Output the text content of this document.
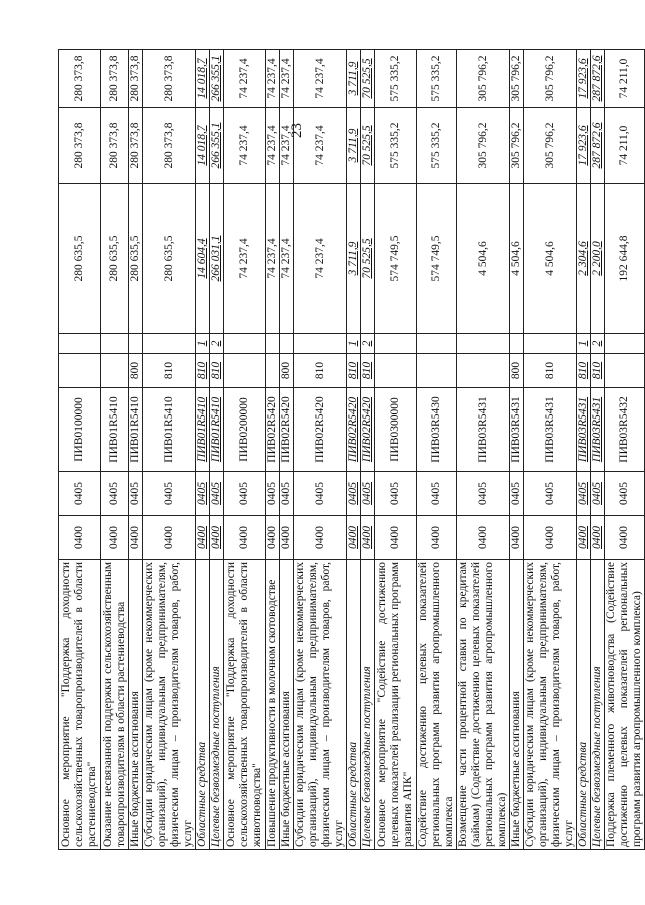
23
Основное мероприятие "Поддержка доходности сельскохозяйственных товаропроизводителей в области растениеводства"	0400	0405	ПИВ0100000			280 635,5	280 373,8	280 373,8
Оказание несвязанной поддержки сельскохозяйственным товаропроизводителям в области растениеводства	0400	0405	ПИВ01R5410			280 635,5	280 373,8	280 373,8
Иные бюджетные ассигнования	0400	0405	ПИВ01R5410	800		280 635,5	280 373,8	280 373,8
Субсидии юридическим лицам (кроме некоммерческих организаций), индивидуальным предпринимателям, физическим лицам – производителям товаров, работ, услуг	0400	0405	ПИВ01R5410	810		280 635,5	280 373,8	280 373,8
Областные средства	0400	0405	ПИВ01R5410	810	1	14 604,4	14 018,7	14 018,7
Целевые безвозмездные поступления	0400	0405	ПИВ01R5410	810	2	266 031,1	266 355,1	266 355,1
Основное мероприятие "Поддержка доходности сельскохозяйственных товаропроизводителей в области животноводства"	0400	0405	ПИВ0200000			74 237,4	74 237,4	74 237,4
Повышение продуктивности в молочном скотоводстве	0400	0405	ПИВ02R5420			74 237,4	74 237,4	74 237,4
Иные бюджетные ассигнования	0400	0405	ПИВ02R5420	800		74 237,4	74 237,4	74 237,4
Субсидии юридическим лицам (кроме некоммерческих организаций), индивидуальным предпринимателям, физическим лицам – производителям товаров, работ, услуг	0400	0405	ПИВ02R5420	810		74 237,4	74 237,4	74 237,4
Областные средства	0400	0405	ПИВ02R5420	810	1	3 711,9	3 711,9	3 711,9
Целевые безвозмездные поступления	0400	0405	ПИВ02R5420	810	2	70 525,5	70 525,5	70 525,5
Основное мероприятие "Содействие достижению целевых показателей реализации региональных программ развития АПК"	0400	0405	ПИВ0300000			574 749,5	575 335,2	575 335,2
Содействие достижению целевых показателей региональных программ развития агропромышленного комплекса	0400	0405	ПИВ03R5430			574 749,5	575 335,2	575 335,2
Возмещение части процентной ставки по кредитам (займам) (Содействие достижению целевых показателей региональных программ развития агропромышленного комплекса)	0400	0405	ПИВ03R5431			4 504,6	305 796,2	305 796,2
Иные бюджетные ассигнования	0400	0405	ПИВ03R5431	800		4 504,6	305 796,2	305 796,2
Субсидии юридическим лицам (кроме некоммерческих организаций), индивидуальным предпринимателям, физическим лицам – производителям товаров, работ, услуг	0400	0405	ПИВ03R5431	810		4 504,6	305 796,2	305 796,2
Областные средства	0400	0405	ПИВ03R5431	810	1	2 304,6	17 923,6	17 923,6
Целевые безвозмездные поступления	0400	0405	ПИВ03R5431	810	2	2 200,0	287 872,6	287 872,6
Поддержка племенного животноводства (Содействие достижению целевых показателей региональных программ развития агропромышленного комплекса)	0400	0405	ПИВ03R5432			192 644,8	74 211,0	74 211,0
